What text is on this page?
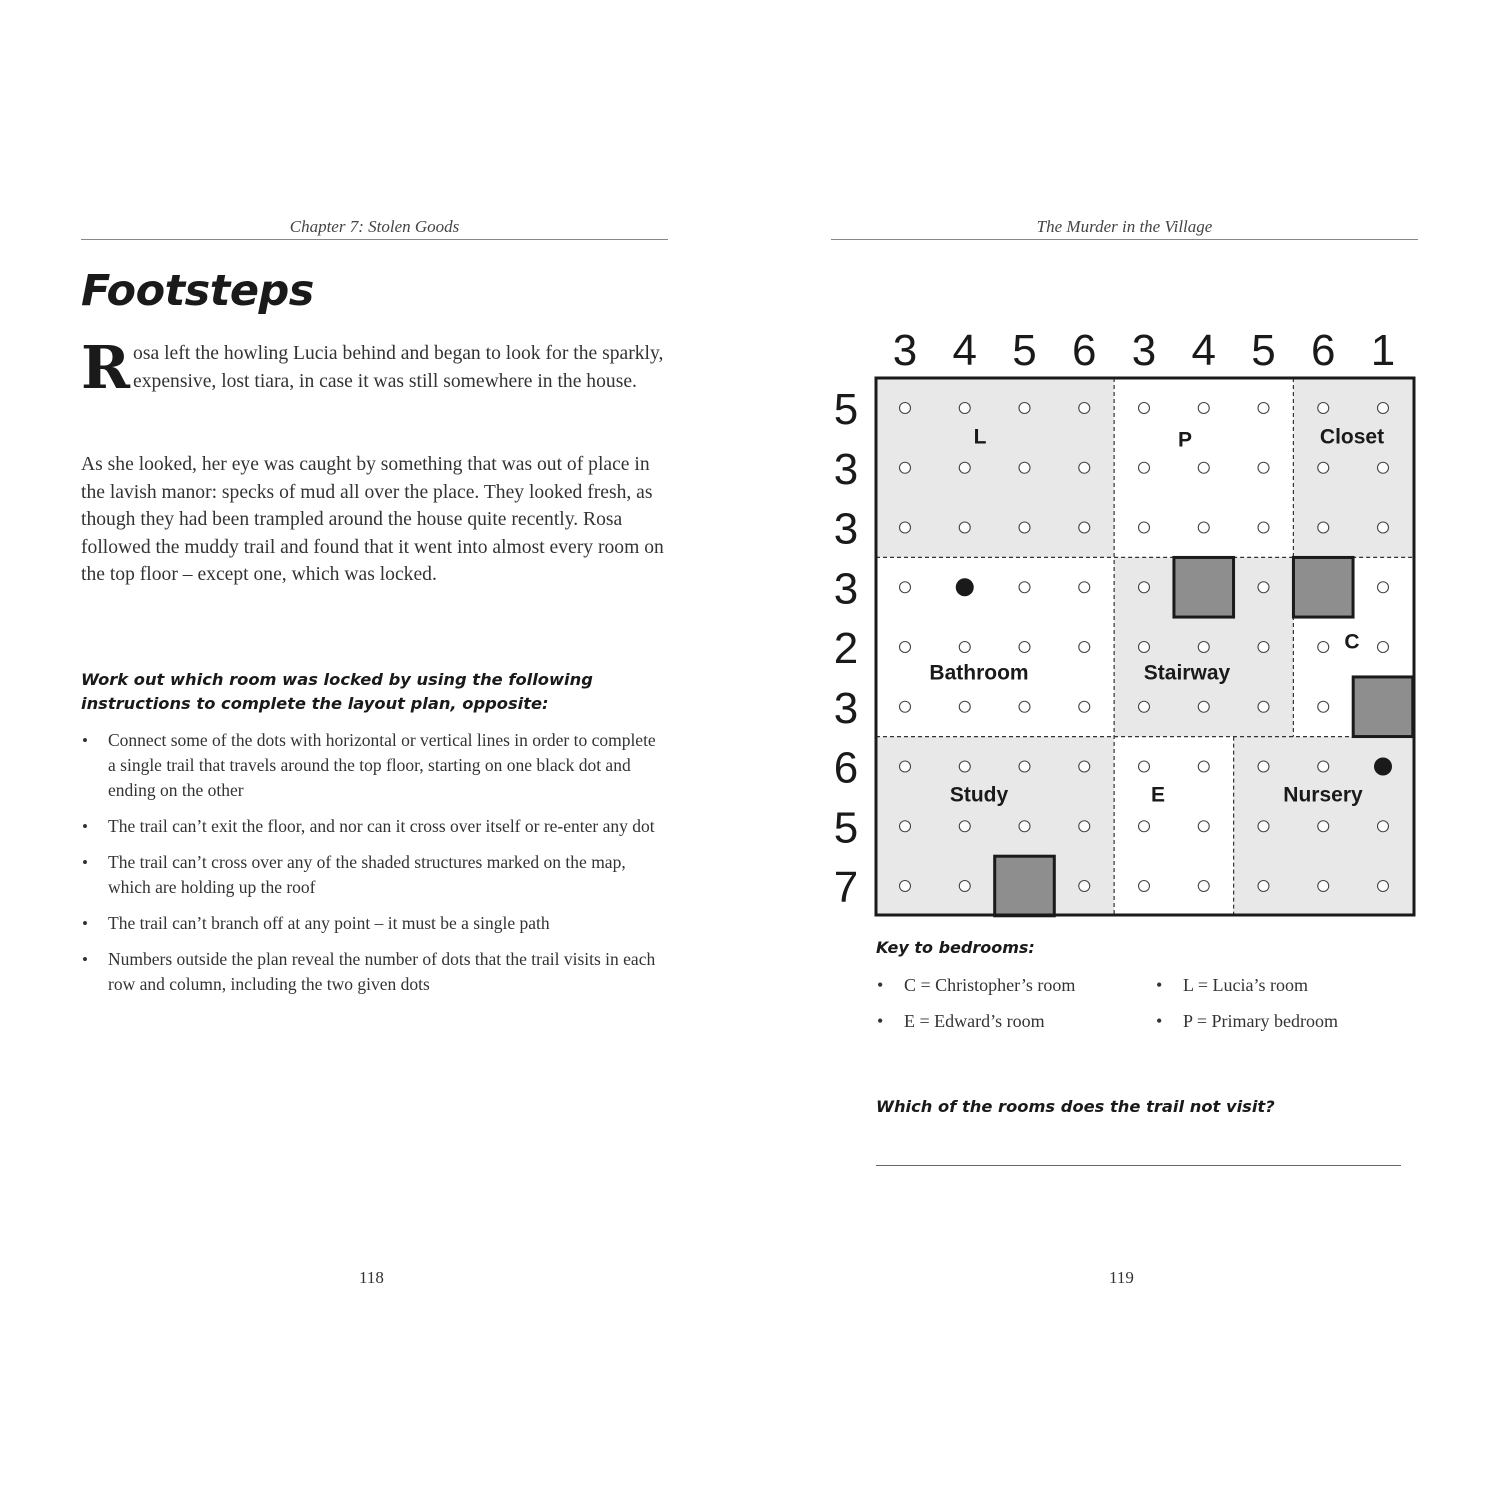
Chapter 7: Stolen Goods
Footsteps

Rosa left the howling Lucia behind and began to look for the sparkly, expensive, lost tiara, in case it was still somewhere in the house.

As she looked, her eye was caught by something that was out of place in the lavish manor: specks of mud all over the place. They looked fresh, as though they had been trampled around the house quite recently. Rosa followed the muddy trail and found that it went into almost every room on the top floor – except one, which was locked.

Work out which room was locked by using the following instructions to complete the layout plan, opposite:

• Connect some of the dots with horizontal or vertical lines in order to complete a single trail that travels around the top floor, starting on one black dot and ending on the other
• The trail can’t exit the floor, and nor can it cross over itself or re-enter any dot
• The trail can’t cross over any of the shaded structures marked on the map, which are holding up the roof
• The trail can’t branch off at any point – it must be a single path
• Numbers outside the plan reveal the number of dots that the trail visits in each row and column, including the two given dots
118
The Murder in the Village
L	P	Closet
Bathroom	Stairway
C
Study	E	Nursery
3 4 5 6 3 4 5 6 1
5
3
3
3
2
3
6
5
7
Key to bedrooms:
• C = Christopher’s room	• L = Lucia’s room
• E = Edward’s room	• P = Primary bedroom

Which of the rooms does the trail not visit?

119
